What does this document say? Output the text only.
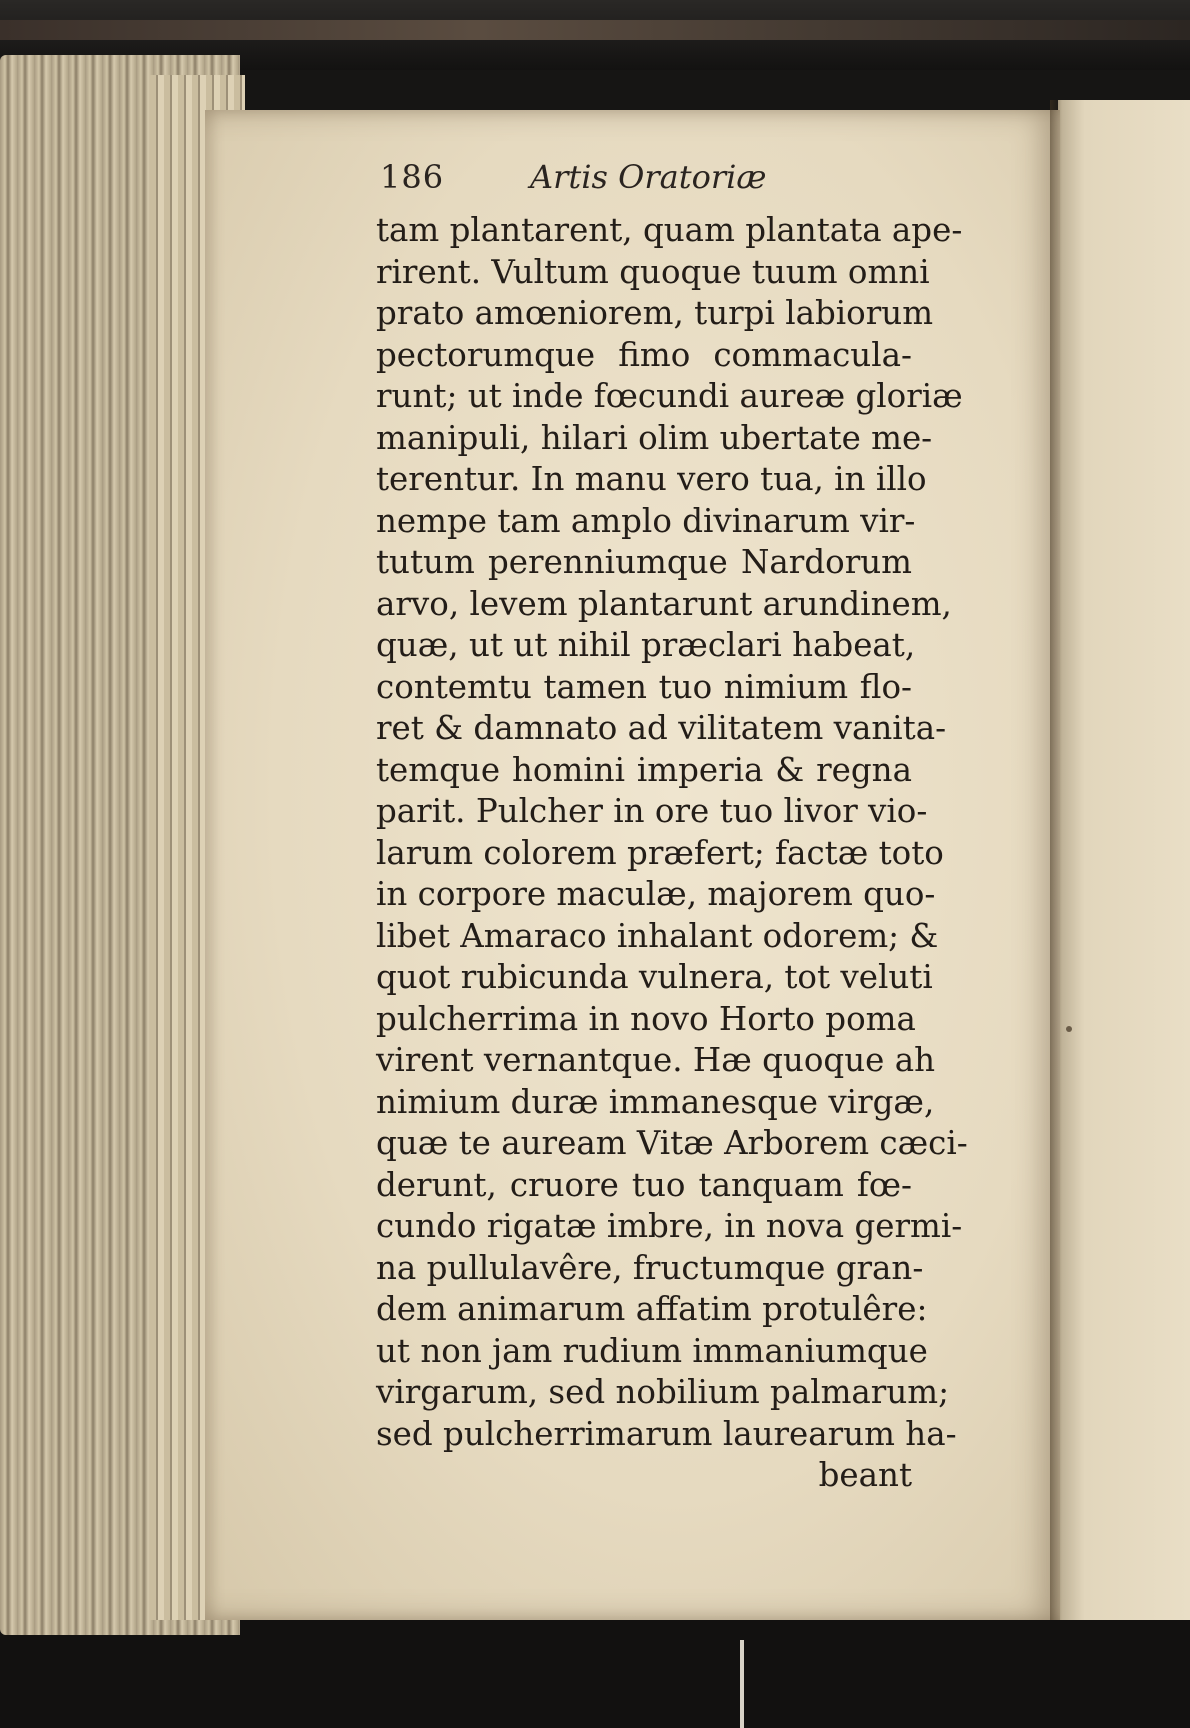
186	Artis Oratoriæ
tam plantarent, quam plantata ape-
rirent. Vultum quoque tuum omni
prato amœniorem, turpi labiorum
pectorumque fimo commacula-
runt; ut inde fœcundi aureæ gloriæ
manipuli, hilari olim ubertate me-
terentur. In manu vero tua, in illo
nempe tam amplo divinarum vir-
tutum perenniumque Nardorum
arvo, levem plantarunt arundinem,
quæ, ut ut nihil præclari habeat,
contemtu tamen tuo nimium flo-
ret & damnato ad vilitatem vanita-
temque homini imperia & regna
parit. Pulcher in ore tuo livor vio-
larum colorem præfert; factæ toto
in corpore maculæ, majorem quo-
libet Amaraco inhalant odorem; &
quot rubicunda vulnera, tot veluti
pulcherrima in novo Horto poma
virent vernantque. Hæ quoque ah
nimium duræ immanesque virgæ,
quæ te auream Vitæ Arborem cæci-
derunt, cruore tuo tanquam fœ-
cundo rigatæ imbre, in nova germi-
na pullulavêre, fructumque gran-
dem animarum affatim protulêre:
ut non jam rudium immaniumque
virgarum, sed nobilium palmarum;
sed pulcherrimarum laurearum ha-
beant
